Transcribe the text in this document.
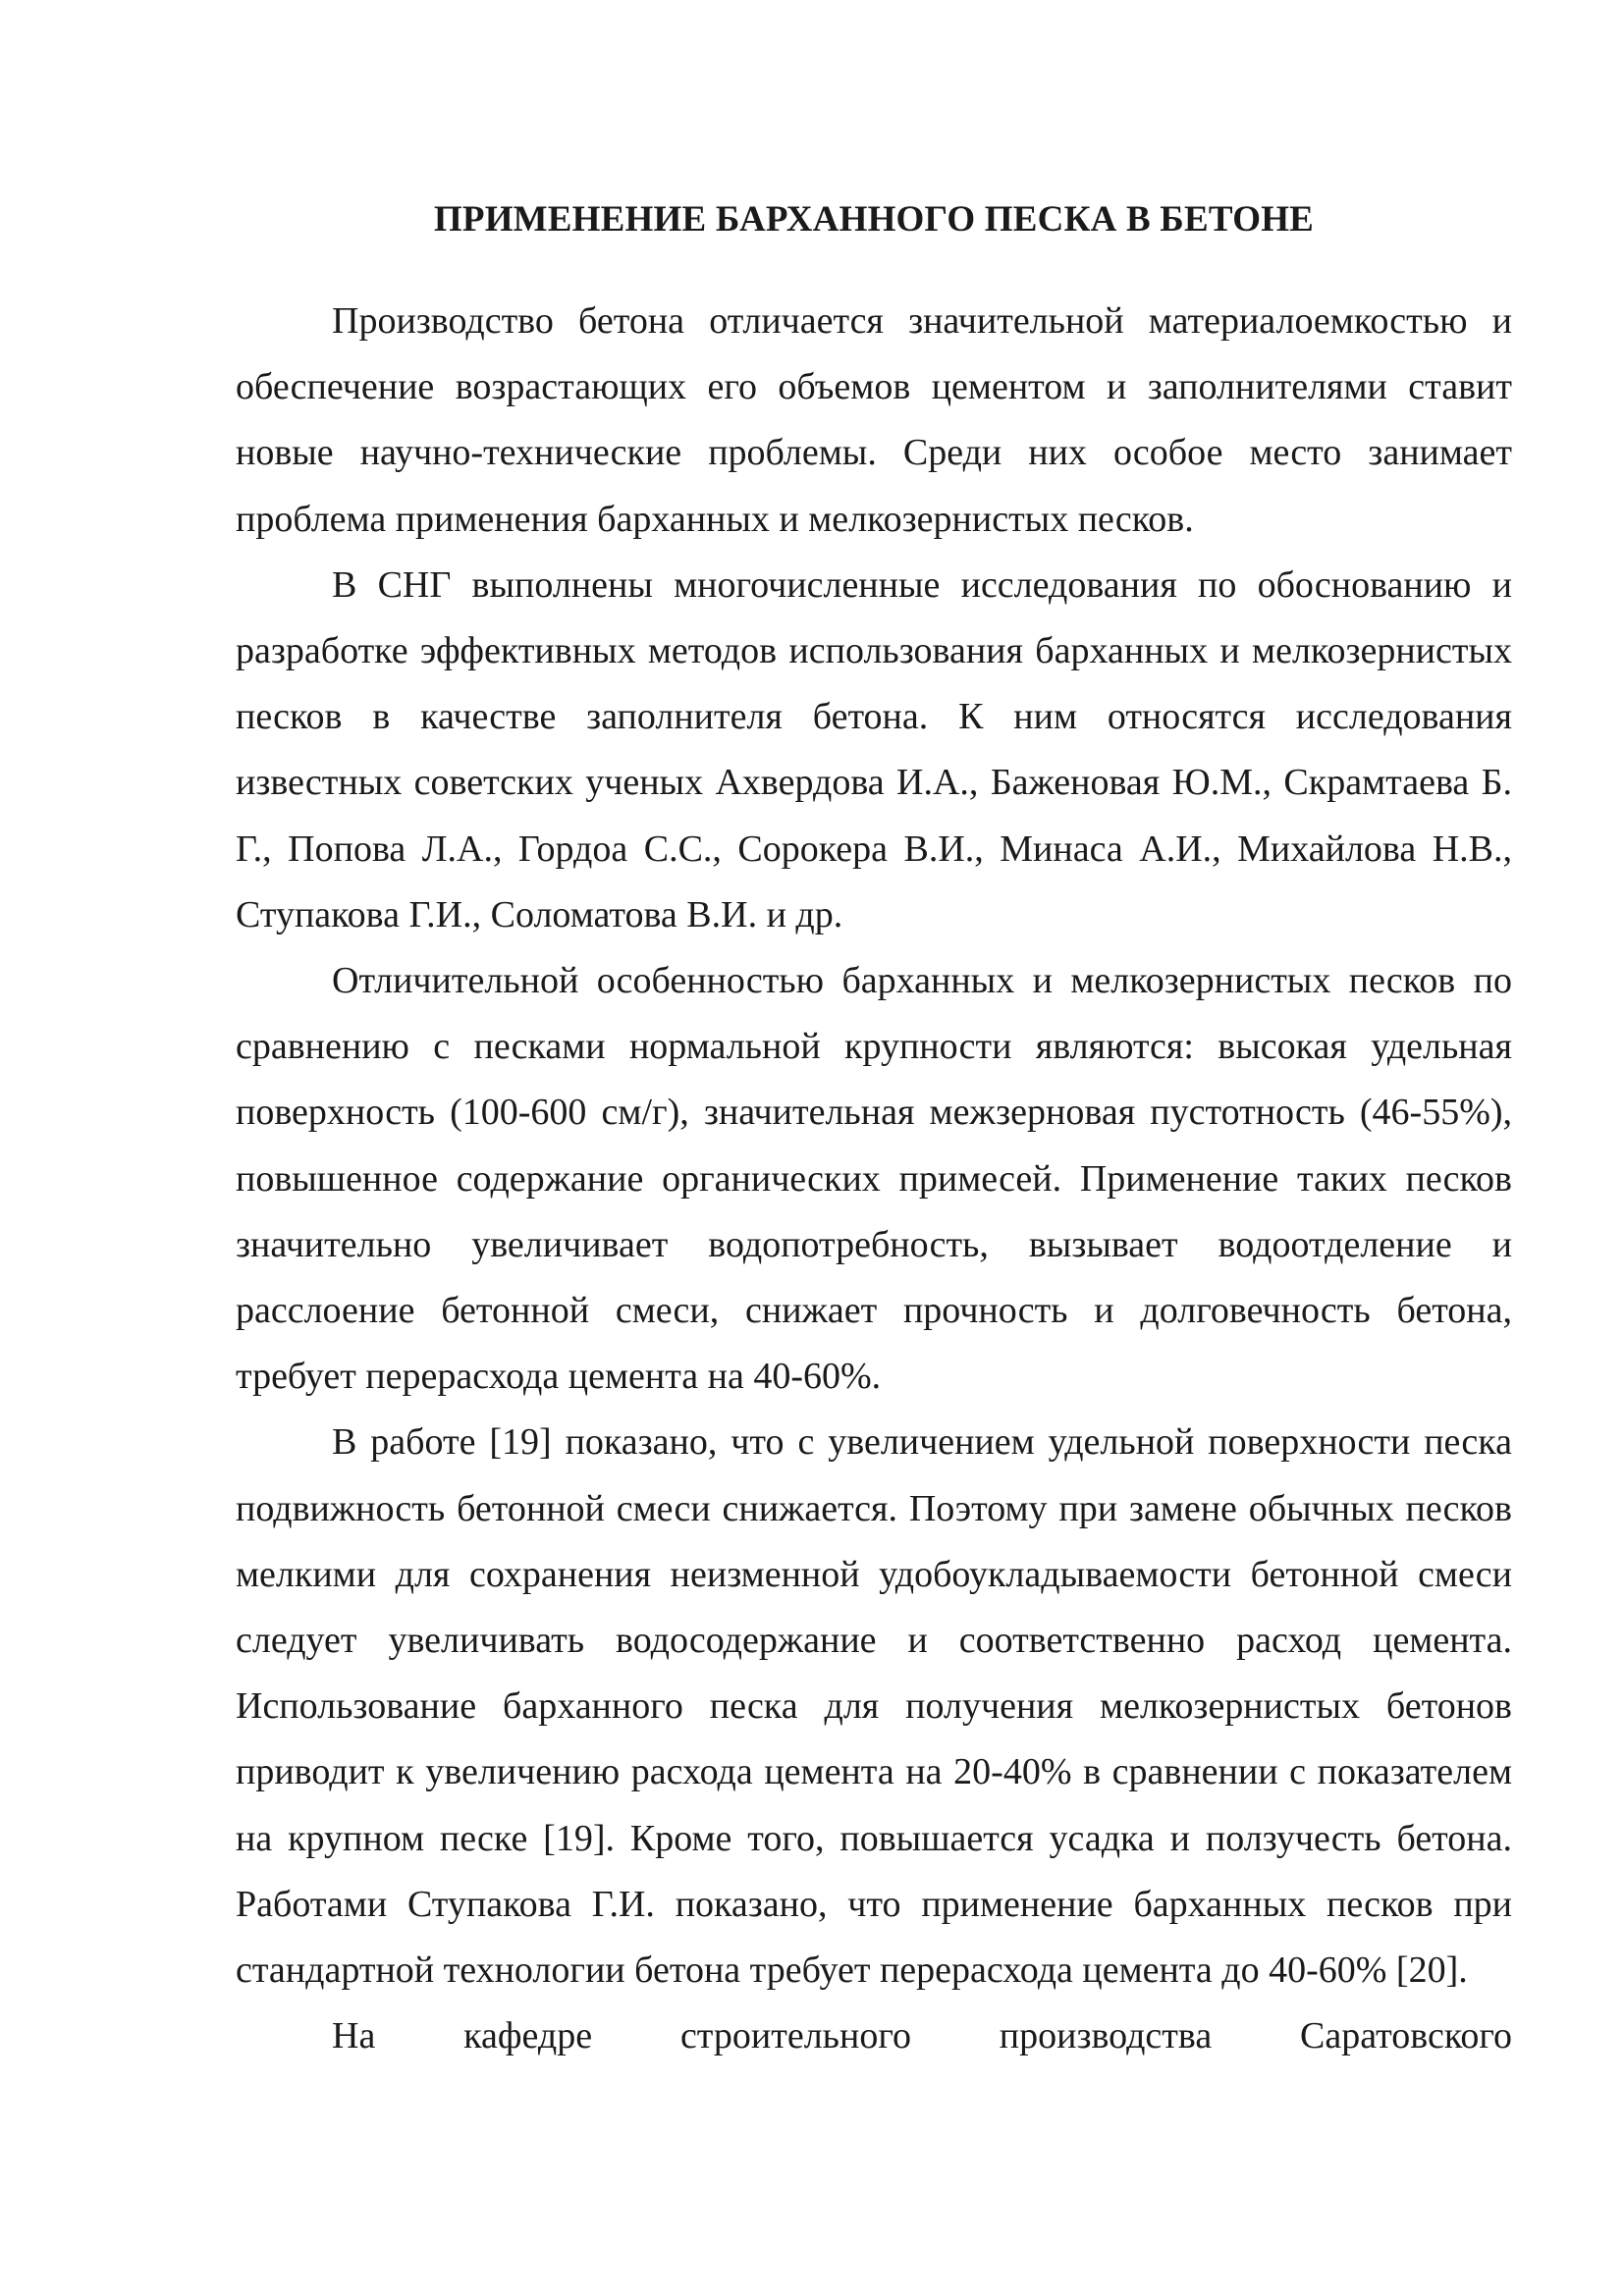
ПРИМЕНЕНИЕ БАРХАННОГО ПЕСКА В БЕТОНЕ

Производство бетона отличается значительной материалоемкостью и обеспечение возрастающих его объемов цементом и заполнителями ставит новые научно-технические проблемы. Среди них особое место занимает проблема применения барханных и мелкозернистых песков.

В СНГ выполнены многочисленные исследования по обоснованию и разработке эффективных методов использования барханных и мелкозернистых песков в качестве заполнителя бетона. К ним относятся исследования известных советских ученых Ахвердова И.А., Баженовая Ю.М., Скрамтаева Б. Г., Попова Л.А., Гордоа С.С., Сорокера В.И., Минаса А.И., Михайлова Н.В., Ступакова Г.И., Соломатова В.И. и др.

Отличительной особенностью барханных и мелкозернистых песков по сравнению с песками нормальной крупности являются: высокая удельная поверхность (100-600 см/г), значительная межзерновая пустотность (46-55%), повышенное содержание органических примесей. Применение таких песков значительно увеличивает водопотребность, вызывает водоотделение и расслоение бетонной смеси, снижает прочность и долговечность бетона, требует перерасхода цемента на 40-60%.

В работе [19] показано, что с увеличением удельной поверхности песка подвижность бетонной смеси снижается. Поэтому при замене обычных песков мелкими для сохранения неизменной удобоукладываемости бетонной смеси следует увеличивать водосодержание и соответственно расход цемента. Использование барханного песка для получения мелкозернистых бетонов приводит к увеличению расхода цемента на 20-40% в сравнении с показателем на крупном песке [19]. Кроме того, повышается усадка и ползучесть бетона. Работами Ступакова Г.И. показано, что применение барханных песков при стандартной технологии бетона требует перерасхода цемента до 40-60% [20].

На кафедре строительного производства Саратовского
